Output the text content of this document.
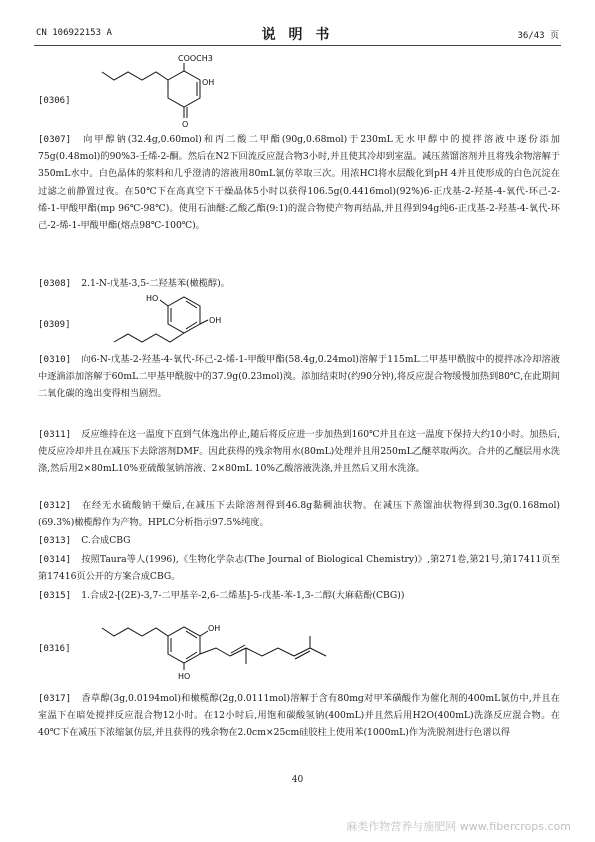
CN 106922153 A	说 明 书	36/43 页
[0306]
COOCH3
OH
O
[0307] 向甲醇钠(32.4g,0.60mol)和丙二酸二甲酯(90g,0.68mol)于230mL无水甲醇中的搅拌溶液中逐份添加75g(0.48mol)的90%3-壬烯-2-酮。然后在N2下回流反应混合物3小时,并且使其冷却到室温。减压蒸馏溶剂并且将残余物溶解于350mL水中。白色晶体的浆料和几乎澄清的溶液用80mL氯仿萃取三次。用浓HCl将水层酸化到pH 4并且使形成的白色沉淀在过滤之前静置过夜。在50℃下在高真空下干燥晶体5小时以获得106.5g(0.4416mol)(92%)6-正戊基-2-羟基-4-氧代-环己-2-烯-1-甲酸甲酯(mp 96℃-98℃)。使用石油醚:乙酸乙酯(9:1)的混合物使产物再结晶,并且得到94g纯6-正戊基-2-羟基-4-氧代-环己-2-烯-1-甲酸甲酯(熔点98℃-100℃)。
[0308] 2.1-N-戊基-3,5-二羟基苯(橄榄醇)。
[0309]
HO
OH
[0310] 向6-N-戊基-2-羟基-4-氧代-环己-2-烯-1-甲酸甲酯(58.4g,0.24mol)溶解于115mL二甲基甲酰胺中的搅拌冰冷却溶液中逐滴添加溶解于60mL二甲基甲酰胺中的37.9g(0.23mol)溴。添加结束时(约90分钟),将反应混合物缓慢加热到80℃,在此期间二氧化碳的逸出变得相当剧烈。
[0311] 反应维持在这一温度下直到气体逸出停止,随后将反应进一步加热到160℃并且在这一温度下保持大约10小时。加热后,使反应冷却并且在减压下去除溶剂DMF。因此获得的残余物用水(80mL)处理并且用250mL乙醚萃取两次。合并的乙醚层用水洗涤,然后用2×80mL10%亚硫酸氢钠溶液、2×80mL 10%乙酸溶液洗涤,并且然后又用水洗涤。
[0312] 在经无水硫酸钠干燥后,在减压下去除溶剂得到46.8g黏稠油状物。在减压下蒸馏油状物得到30.3g(0.168mol)(69.3%)橄榄醇作为产物。HPLC分析指示97.5%纯度。
[0313] C.合成CBG
[0314] 按照Taura等人(1996),《生物化学杂志(The Journal of Biological Chemistry)》,第271卷,第21号,第17411页至第17416页公开的方案合成CBG。
[0315] 1.合成2-[(2E)-3,7-二甲基辛-2,6-二烯基]-5-戊基-苯-1,3-二醇(大麻萜酚(CBG))
[0316]
OH
HO
[0317] 香草醇(3g,0.0194mol)和橄榄醇(2g,0.0111mol)溶解于含有80mg对甲苯磺酸作为催化剂的400mL氯仿中,并且在室温下在暗处搅拌反应混合物12小时。在12小时后,用饱和碳酸氢钠(400mL)并且然后用H2O(400mL)洗涤反应混合物。在40℃下在减压下浓缩氯仿层,并且获得的残余物在2.0cm×25cm硅胶柱上使用苯(1000mL)作为洗脱剂进行色谱以得
40
麻类作物营养与施肥网 www.fibercrops.com
